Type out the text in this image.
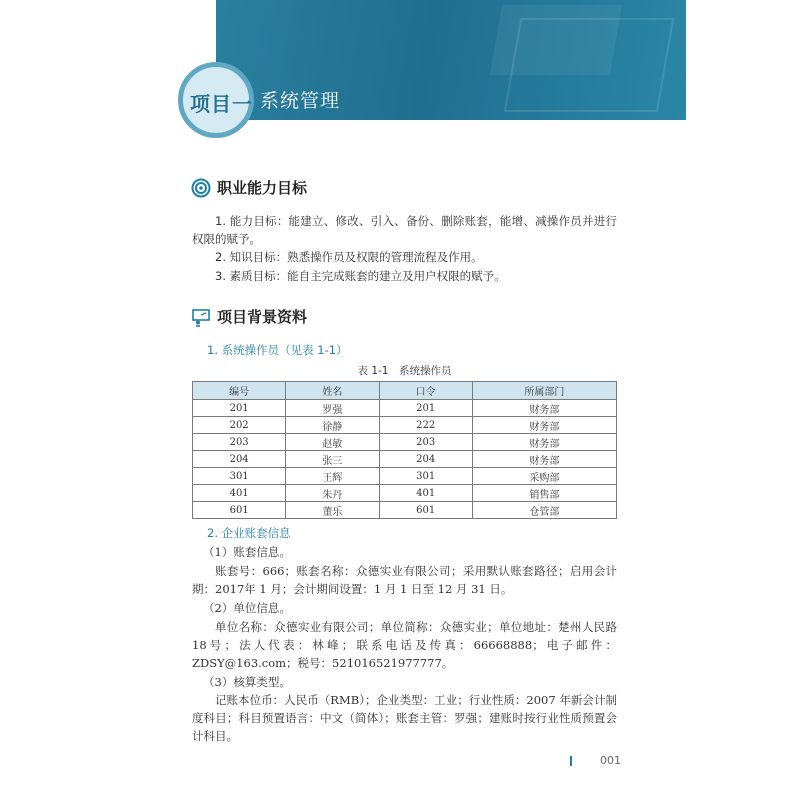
项目一 系统管理
职业能力目标
1. 能力目标：能建立、修改、引入、备份、删除账套，能增、减操作员并进行权限的赋予。
2. 知识目标：熟悉操作员及权限的管理流程及作用。
3. 素质目标：能自主完成账套的建立及用户权限的赋予。
项目背景资料
1. 系统操作员（见表 1-1）
表 1-1　系统操作员
编号	姓名	口令	所属部门
201	罗强	201	财务部
202	徐静	222	财务部
203	赵敏	203	财务部
204	张三	204	财务部
301	王辉	301	采购部
401	朱丹	401	销售部
601	董乐	601	仓管部
2. 企业账套信息
（1）账套信息。
账套号：666；账套名称：众德实业有限公司；采用默认账套路径；启用会计期：2017年 1 月；会计期间设置：1 月 1 日至 12 月 31 日。
（2）单位信息。
单位名称：众德实业有限公司；单位简称：众德实业；单位地址：楚州人民路 18号；法人代表：林峰；联系电话及传真：66668888；电子邮件：ZDSY@163.com；税号：521016521977777。
（3）核算类型。
记账本位币：人民币（RMB）；企业类型：工业；行业性质：2007 年新会计制度科目；科目预置语言：中文（简体）；账套主管：罗强；建账时按行业性质预置会计科目。
001
